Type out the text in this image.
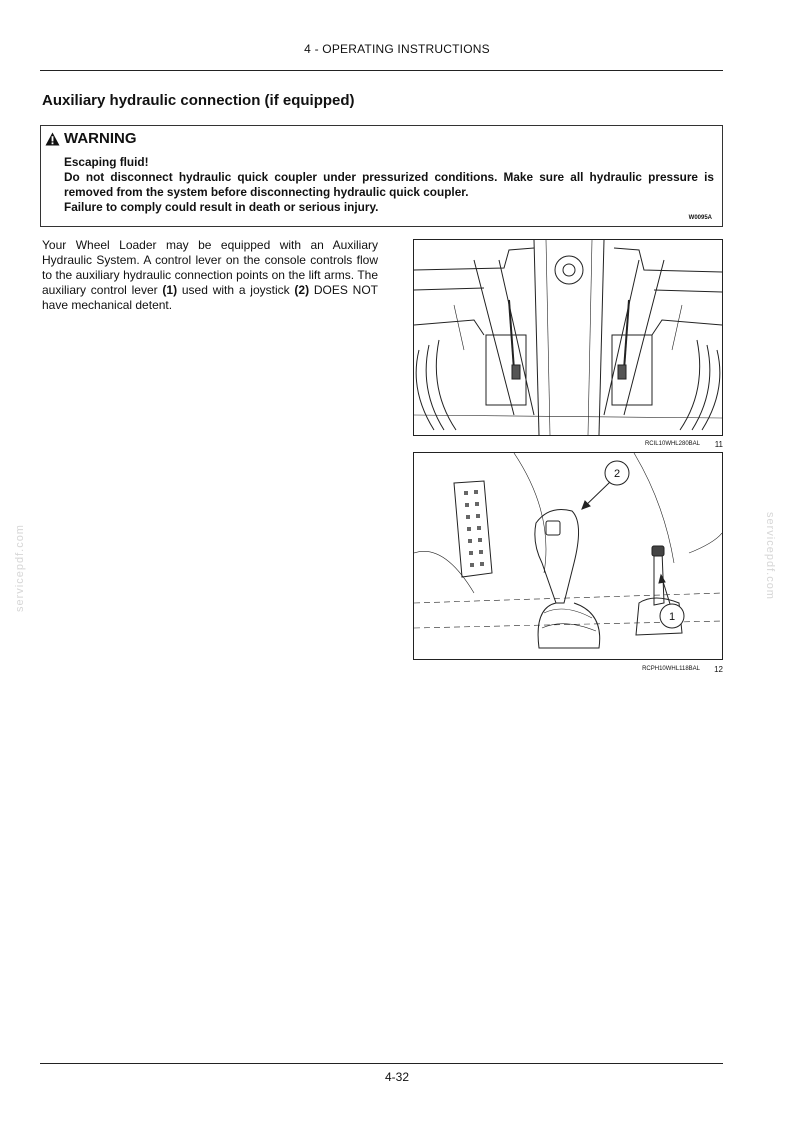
4 - OPERATING INSTRUCTIONS
Auxiliary hydraulic connection (if equipped)
WARNING

Escaping fluid!

Do not disconnect hydraulic quick coupler under pressurized conditions. Make sure all hydraulic pressure is removed from the system before disconnecting hydraulic quick coupler.

Failure to comply could result in death or serious injury.

W0095A

Your Wheel Loader may be equipped with an Auxiliary Hydraulic System. A control lever on the console controls flow to the auxiliary hydraulic connection points on the lift arms. The auxiliary control lever (1) used with a joystick (2) DOES NOT have mechanical detent.

RCIL10WHL280BAL	11
2
1
RCPH10WHL118BAL	12
servicepdf.com	servicepdf.com
4-32
